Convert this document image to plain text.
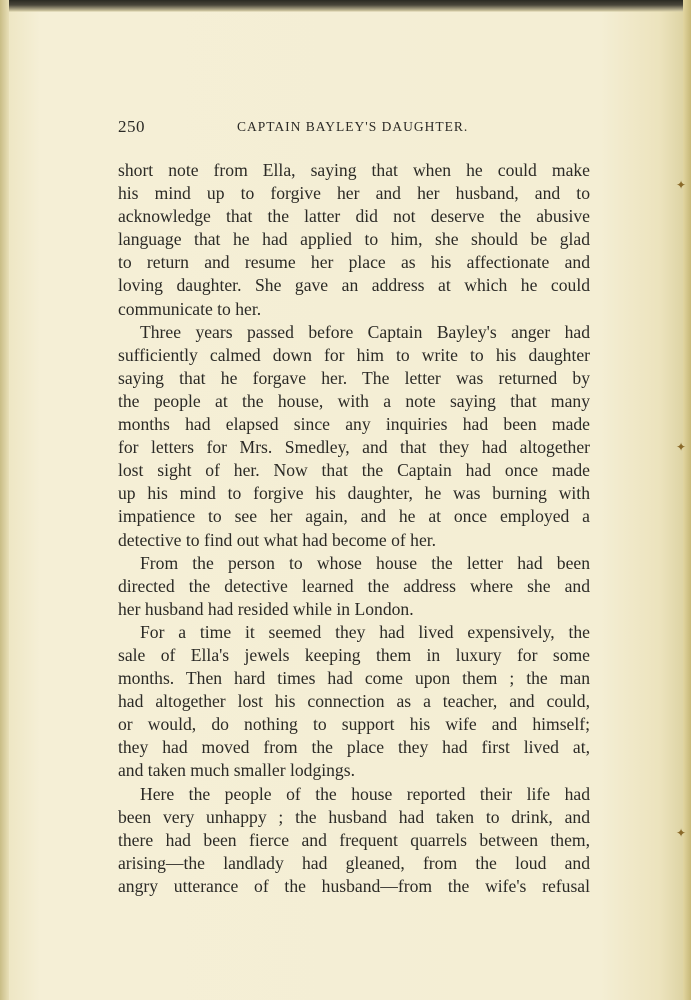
✦
✦
✦
250	CAPTAIN BAYLEY'S DAUGHTER.
short note from Ella, saying that when he could make
his mind up to forgive her and her husband, and to
acknowledge that the latter did not deserve the abusive
language that he had applied to him, she should be glad
to return and resume her place as his affectionate and
loving daughter. She gave an address at which he could
communicate to her.
Three years passed before Captain Bayley's anger had
sufficiently calmed down for him to write to his daughter
saying that he forgave her. The letter was returned by
the people at the house, with a note saying that many
months had elapsed since any inquiries had been made
for letters for Mrs. Smedley, and that they had altogether
lost sight of her. Now that the Captain had once made
up his mind to forgive his daughter, he was burning with
impatience to see her again, and he at once employed a
detective to find out what had become of her.
From the person to whose house the letter had been
directed the detective learned the address where she and
her husband had resided while in London.
For a time it seemed they had lived expensively, the
sale of Ella's jewels keeping them in luxury for some
months. Then hard times had come upon them ; the man
had altogether lost his connection as a teacher, and could,
or would, do nothing to support his wife and himself;
they had moved from the place they had first lived at,
and taken much smaller lodgings.
Here the people of the house reported their life had
been very unhappy ; the husband had taken to drink, and
there had been fierce and frequent quarrels between them,
arising—the landlady had gleaned, from the loud and
angry utterance of the husband—from the wife's refusal
